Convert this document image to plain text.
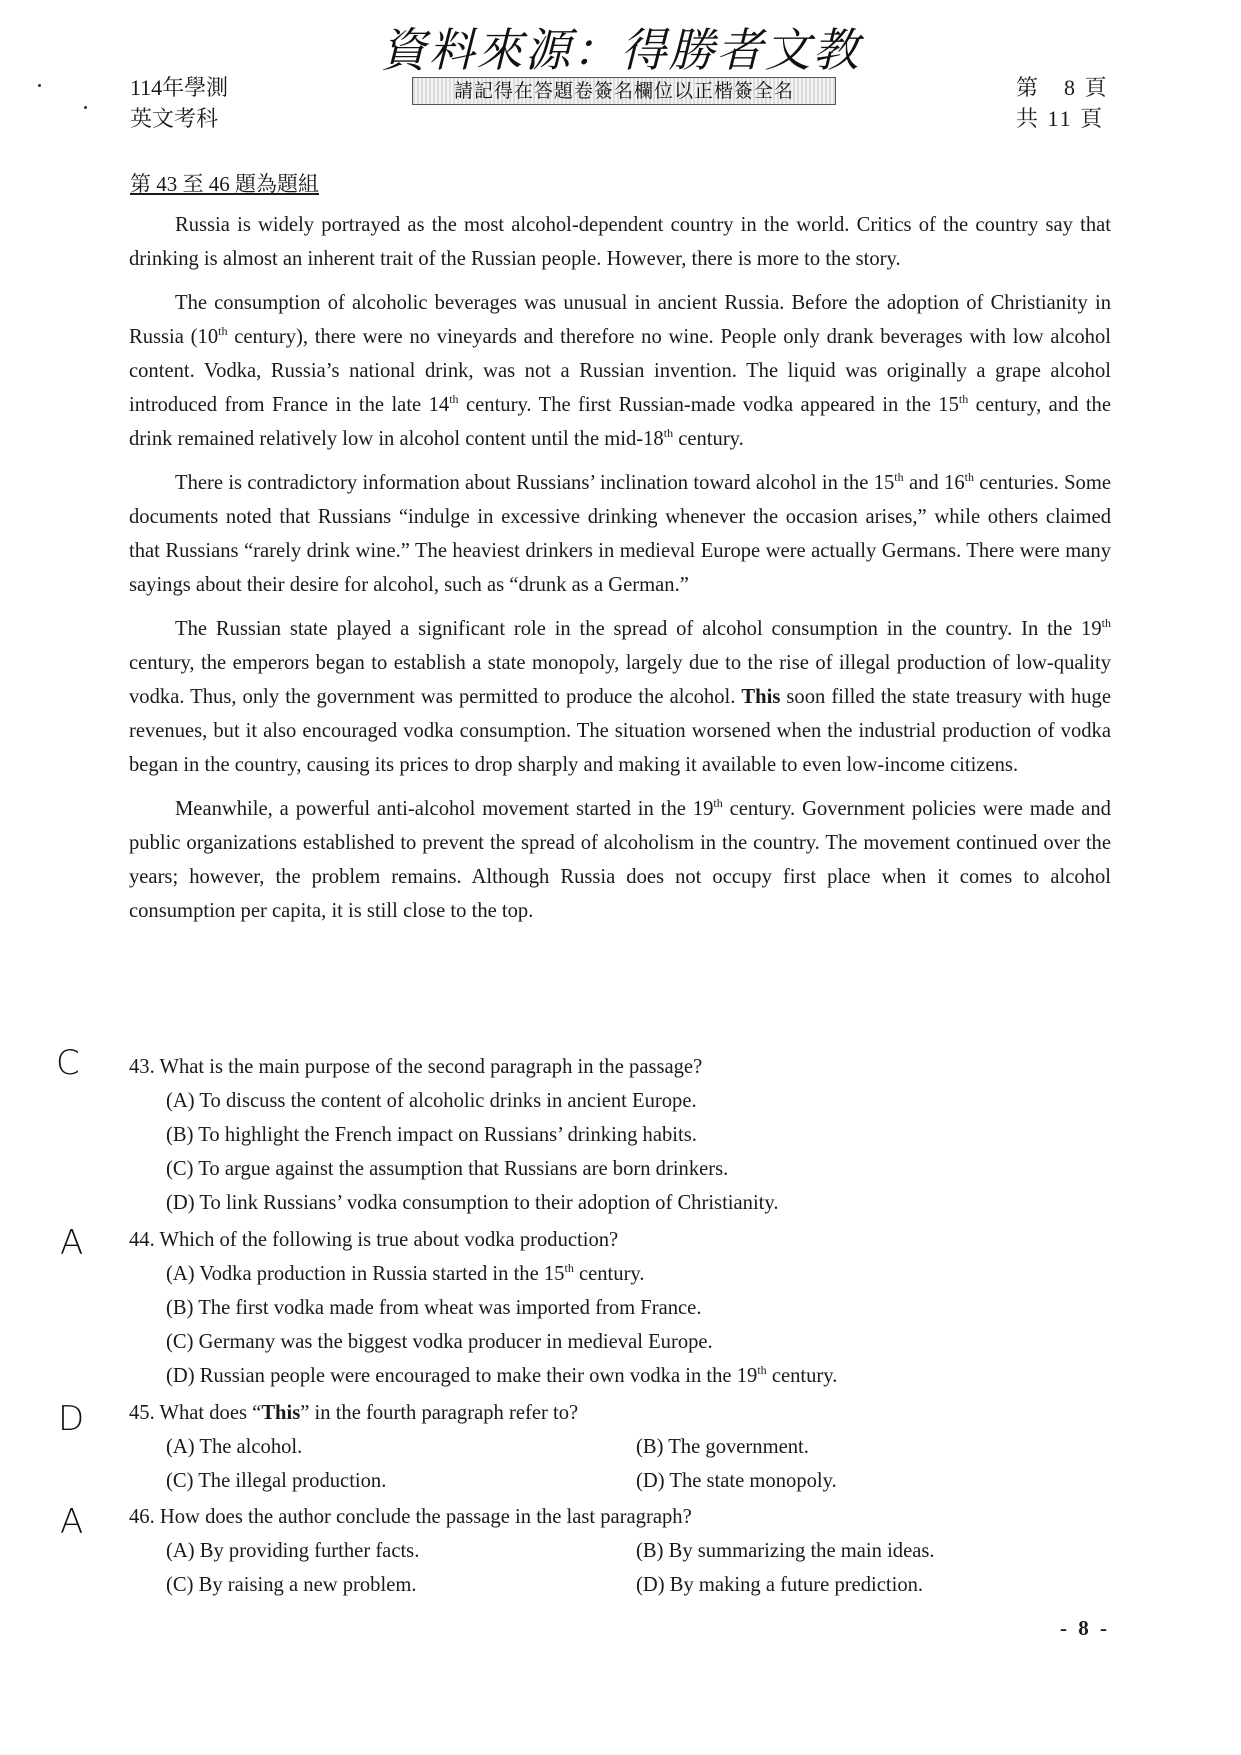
資料來源：得勝者文教
114年學測
英文考科
請記得在答題卷簽名欄位以正楷簽全名	第　8 頁
共 11 頁
第 43 至 46 題為題組

Russia is widely portrayed as the most alcohol-dependent country in the world. Critics of the country say that drinking is almost an inherent trait of the Russian people. However, there is more to the story.

The consumption of alcoholic beverages was unusual in ancient Russia. Before the adoption of Christianity in Russia (10th century), there were no vineyards and therefore no wine. People only drank beverages with low alcohol content. Vodka, Russia’s national drink, was not a Russian invention. The liquid was originally a grape alcohol introduced from France in the late 14th century. The first Russian-made vodka appeared in the 15th century, and the drink remained relatively low in alcohol content until the mid-18th century.

There is contradictory information about Russians’ inclination toward alcohol in the 15th and 16th centuries. Some documents noted that Russians “indulge in excessive drinking whenever the occasion arises,” while others claimed that Russians “rarely drink wine.” The heaviest drinkers in medieval Europe were actually Germans. There were many sayings about their desire for alcohol, such as “drunk as a German.”

The Russian state played a significant role in the spread of alcohol consumption in the country. In the 19th century, the emperors began to establish a state monopoly, largely due to the rise of illegal production of low-quality vodka. Thus, only the government was permitted to produce the alcohol. This soon filled the state treasury with huge revenues, but it also encouraged vodka consumption. The situation worsened when the industrial production of vodka began in the country, causing its prices to drop sharply and making it available to even low-income citizens.

Meanwhile, a powerful anti-alcohol movement started in the 19th century. Government policies were made and public organizations established to prevent the spread of alcoholism in the country. The movement continued over the years; however, the problem remains. Although Russia does not occupy first place when it comes to alcohol consumption per capita, it is still close to the top.

C 43. What is the main purpose of the second paragraph in the passage?
(A) To discuss the content of alcoholic drinks in ancient Europe.
(B) To highlight the French impact on Russians’ drinking habits.
(C) To argue against the assumption that Russians are born drinkers.
(D) To link Russians’ vodka consumption to their adoption of Christianity.
A 44. Which of the following is true about vodka production?
(A) Vodka production in Russia started in the 15th century.
(B) The first vodka made from wheat was imported from France.
(C) Germany was the biggest vodka producer in medieval Europe.
(D) Russian people were encouraged to make their own vodka in the 19th century.
D 45. What does “This” in the fourth paragraph refer to?
(A) The alcohol.	(B) The government.
(C) The illegal production.	(D) The state monopoly.
A 46. How does the author conclude the passage in the last paragraph?
(A) By providing further facts.	(B) By summarizing the main ideas.
(C) By raising a new problem.	(D) By making a future prediction.
- 8 -
